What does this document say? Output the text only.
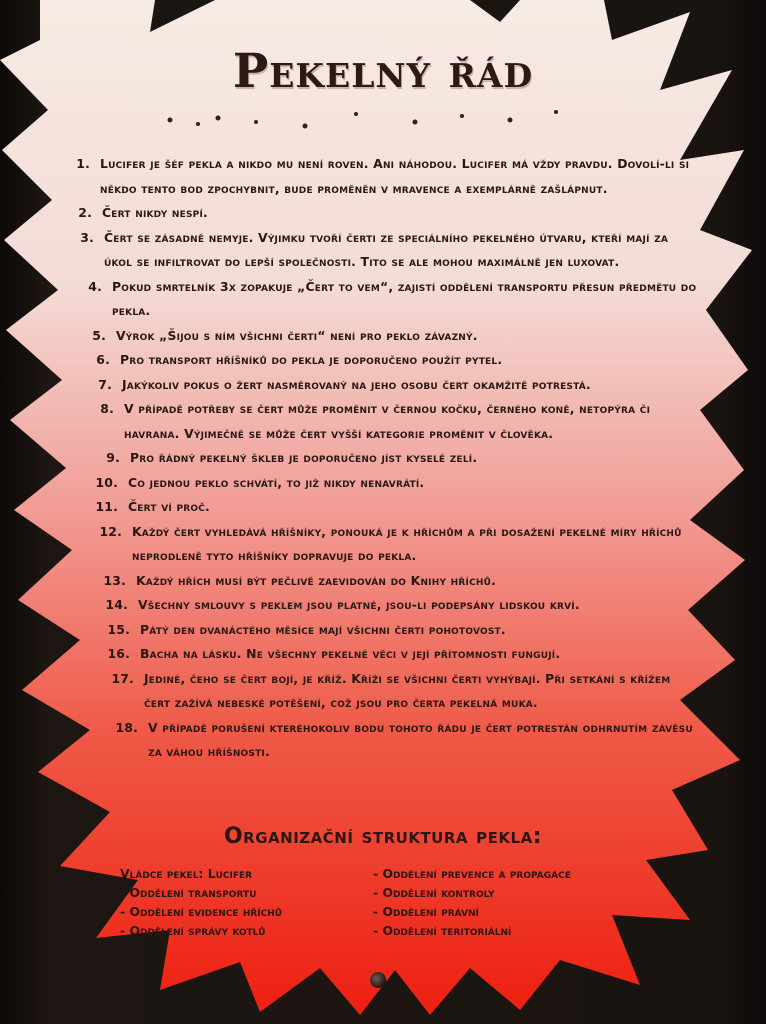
Pekelný řád
1. Lucifer je šéf pekla a nikdo mu není roven. Ani náhodou. Lucifer má vždy pravdu. Dovolí-li si někdo tento bod zpochybnit, bude proměněn v mravence a exemplárně zašlápnut.
2. Čert nikdy nespí.
3. Čert se zásadně nemyje. Výjimku tvoří čerti ze speciálního pekelného útvaru, kteří mají za úkol se infiltrovat do lepší společnosti. Tito se ale mohou maximálně jen luxovat.
4. Pokud smrtelník 3x zopakuje „Čert to vem“, zajistí oddělení transportu přesun předmětu do pekla.
5. Výrok „Šijou s ním všichni čerti“ není pro peklo závazný.
6. Pro transport hříšníků do pekla je doporučeno použít pytel.
7. Jakýkoliv pokus o žert nasměrovaný na jeho osobu čert okamžitě potrestá.
8. V případě potřeby se čert může proměnit v černou kočku, černého koně, netopýra či havrana. Výjimečně se může čert vyšší kategorie proměnit v člověka.
9. Pro řádný pekelný škleb je doporučeno jíst kyselé zelí.
10. Co jednou peklo schvátí, to již nikdy nenavrátí.
11. Čert ví proč.
12. Každý čert vyhledává hříšníky, ponouká je k hříchům a při dosažení pekelné míry hříchů neprodleně tyto hříšníky dopravuje do pekla.
13. Každý hřích musí být pečlivě zaevidován do Knihy hříchů.
14. Všechny smlouvy s peklem jsou platné, jsou-li podepsány lidskou krví.
15. Pátý den dvanáctého měsíce mají všichni čerti pohotovost.
16. Bacha na lásku. Ne všechny pekelné věci v její přítomnosti fungují.
17. Jediné, čeho se čert bojí, je kříž. Kříži se všichni čerti vyhýbají. Při setkání s křížem čert zažívá nebeské potěšení, což jsou pro čerta pekelná muka.
18. V případě porušení kteréhokoliv bodu tohoto řádu je čert potrestán odhrnutím závěsu za váhou hříšnosti.
Organizační struktura pekla:
Vládce pekel: Lucifer
- Oddělení transportu
- Oddělení evidence hříchů
- Oddělení správy kotlů
- Oddělení prevence a propagace
- Oddělení kontroly
- Oddělení právní
- Oddělení teritoriální
